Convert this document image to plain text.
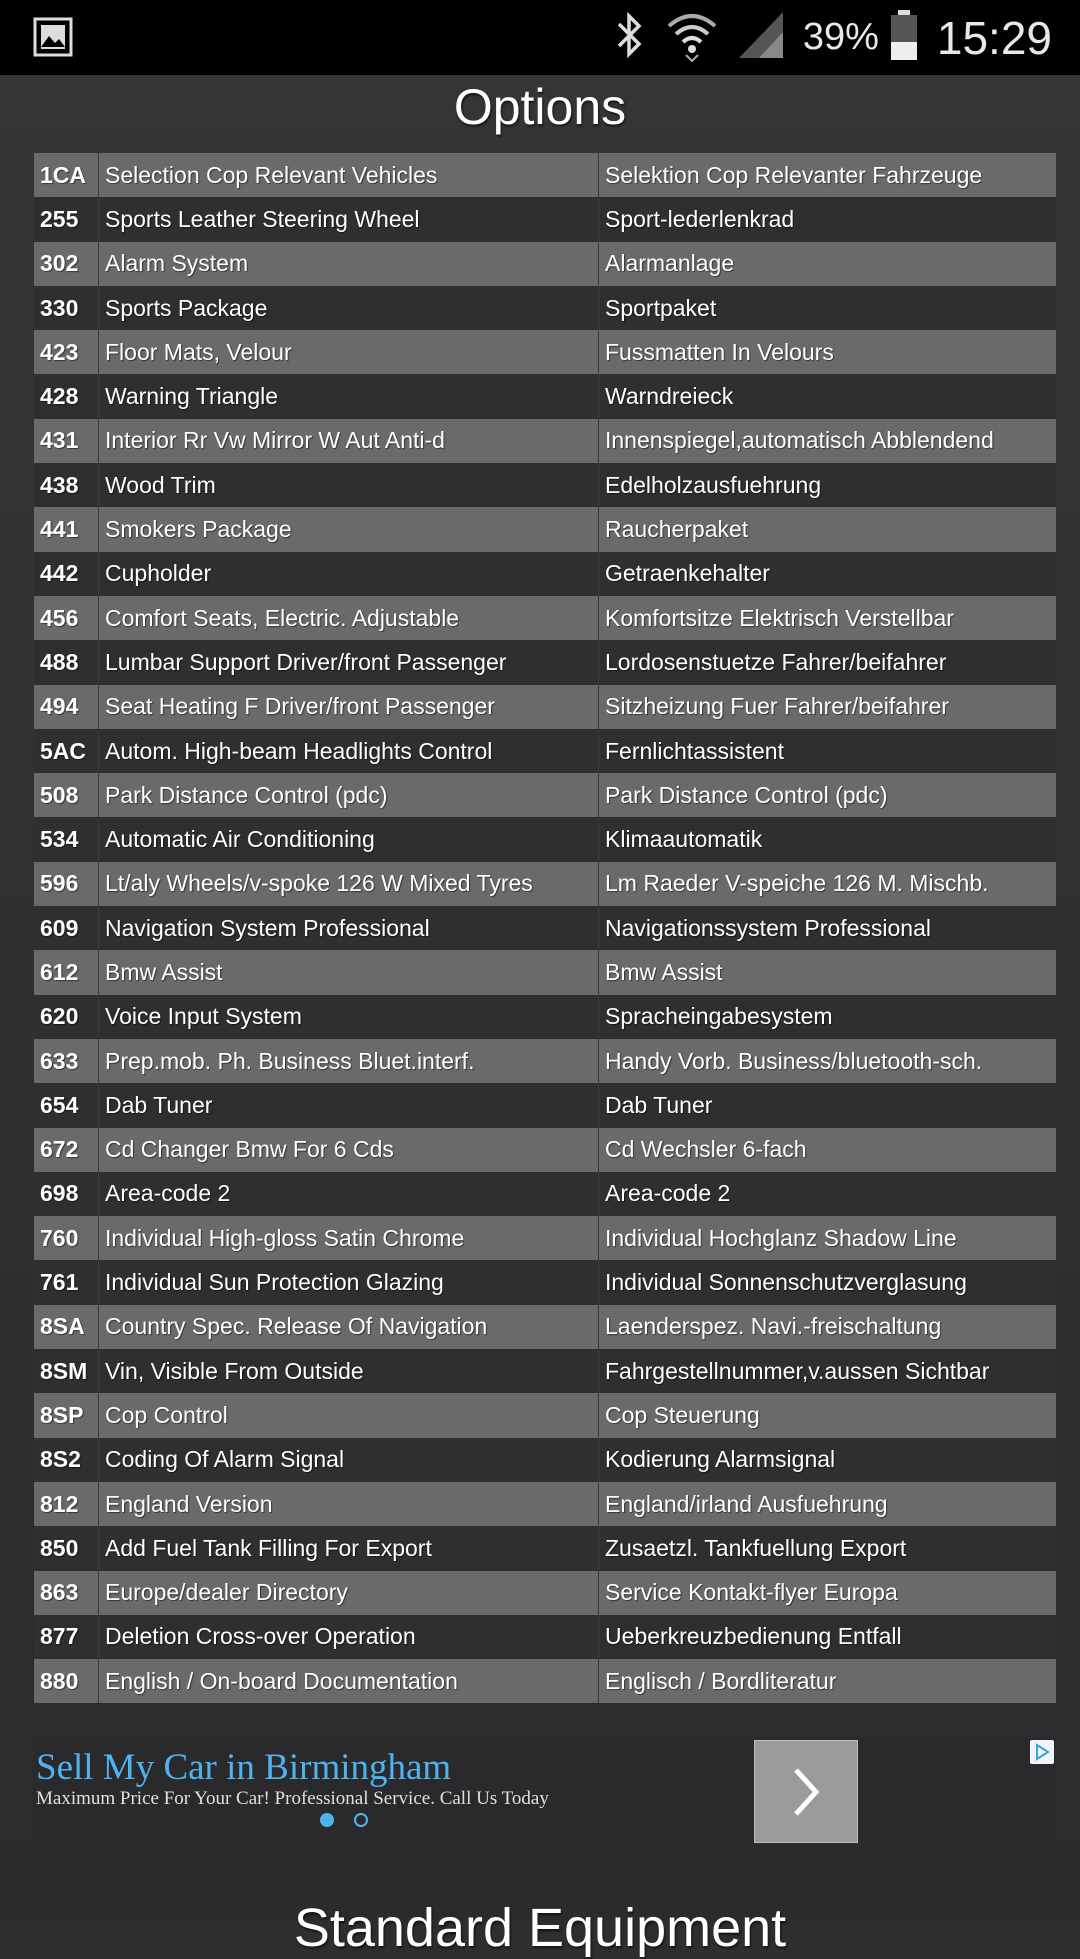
39% 15:29
Options
1CA	Selection Cop Relevant Vehicles	Selektion Cop Relevanter Fahrzeuge
255	Sports Leather Steering Wheel	Sport-lederlenkrad
302	Alarm System	Alarmanlage
330	Sports Package	Sportpaket
423	Floor Mats, Velour	Fussmatten In Velours
428	Warning Triangle	Warndreieck
431	Interior Rr Vw Mirror W Aut Anti-d	Innenspiegel,automatisch Abblendend
438	Wood Trim	Edelholzausfuehrung
441	Smokers Package	Raucherpaket
442	Cupholder	Getraenkehalter
456	Comfort Seats, Electric. Adjustable	Komfortsitze Elektrisch Verstellbar
488	Lumbar Support Driver/front Passenger	Lordosenstuetze Fahrer/beifahrer
494	Seat Heating F Driver/front Passenger	Sitzheizung Fuer Fahrer/beifahrer
5AC	Autom. High-beam Headlights Control	Fernlichtassistent
508	Park Distance Control (pdc)	Park Distance Control (pdc)
534	Automatic Air Conditioning	Klimaautomatik
596	Lt/aly Wheels/v-spoke 126 W Mixed Tyres	Lm Raeder V-speiche 126 M. Mischb.
609	Navigation System Professional	Navigationssystem Professional
612	Bmw Assist	Bmw Assist
620	Voice Input System	Spracheingabesystem
633	Prep.mob. Ph. Business Bluet.interf.	Handy Vorb. Business/bluetooth-sch.
654	Dab Tuner	Dab Tuner
672	Cd Changer Bmw For 6 Cds	Cd Wechsler 6-fach
698	Area-code 2	Area-code 2
760	Individual High-gloss Satin Chrome	Individual Hochglanz Shadow Line
761	Individual Sun Protection Glazing	Individual Sonnenschutzverglasung
8SA	Country Spec. Release Of Navigation	Laenderspez. Navi.-freischaltung
8SM	Vin, Visible From Outside	Fahrgestellnummer,v.aussen Sichtbar
8SP	Cop Control	Cop Steuerung
8S2	Coding Of Alarm Signal	Kodierung Alarmsignal
812	England Version	England/irland Ausfuehrung
850	Add Fuel Tank Filling For Export	Zusaetzl. Tankfuellung Export
863	Europe/dealer Directory	Service Kontakt-flyer Europa
877	Deletion Cross-over Operation	Ueberkreuzbedienung Entfall
880	English / On-board Documentation	Englisch / Bordliteratur
Sell My Car in Birmingham
Maximum Price For Your Car! Professional Service. Call Us Today
Standard Equipment
